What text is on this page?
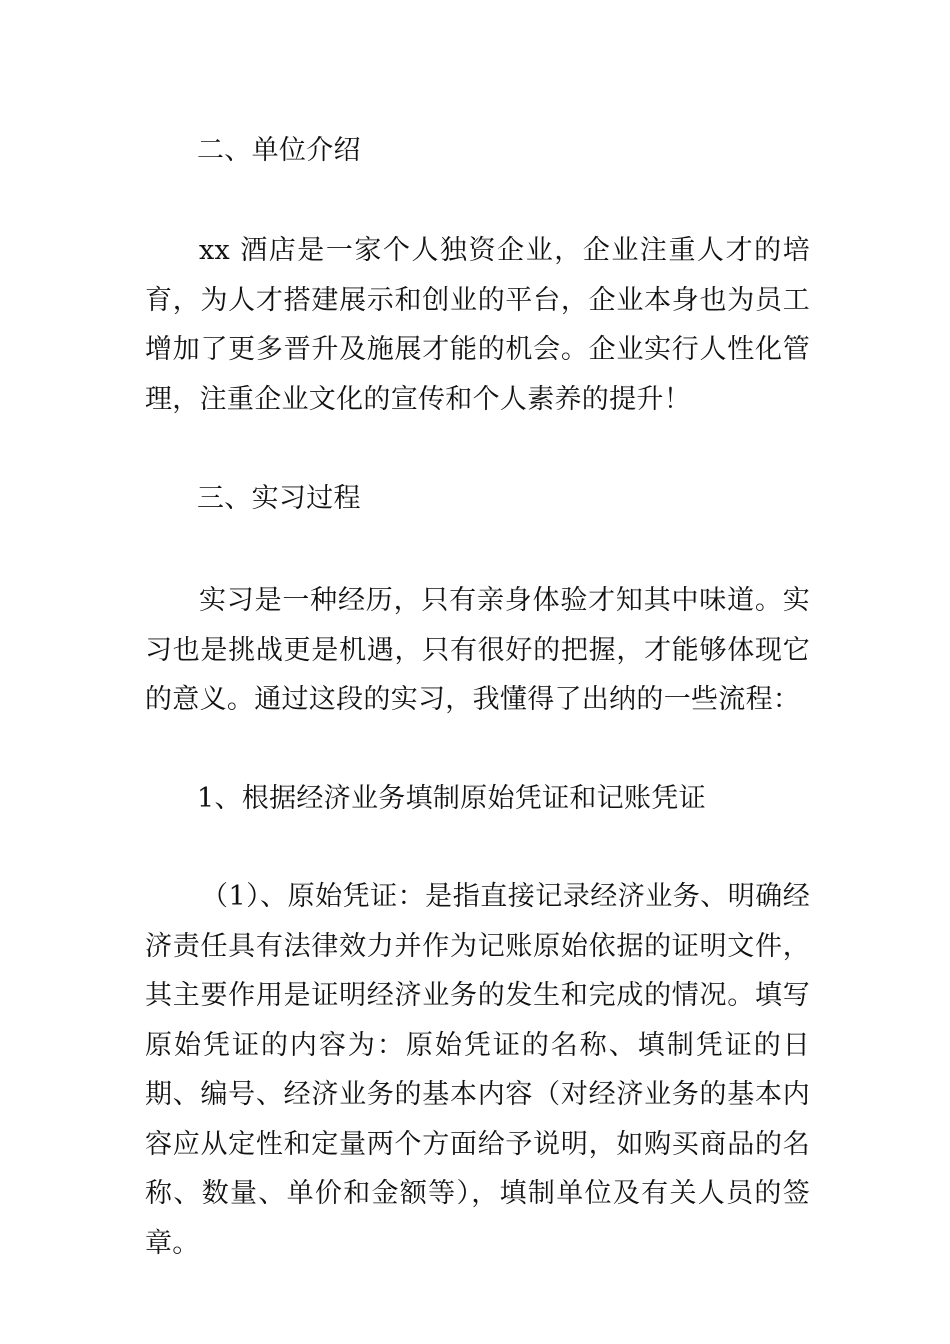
二、单位介绍

xx 酒店是一家个人独资企业，企业注重人才的培育，为人才搭建展示和创业的平台，企业本身也为员工增加了更多晋升及施展才能的机会。企业实行人性化管理，注重企业文化的宣传和个人素养的提升！

三、实习过程

实习是一种经历，只有亲身体验才知其中味道。实习也是挑战更是机遇，只有很好的把握，才能够体现它的意义。通过这段的实习，我懂得了出纳的一些流程：

1、根据经济业务填制原始凭证和记账凭证

（1）、原始凭证：是指直接记录经济业务、明确经济责任具有法律效力并作为记账原始依据的证明文件，其主要作用是证明经济业务的发生和完成的情况。填写原始凭证的内容为：原始凭证的名称、填制凭证的日期、编号、经济业务的基本内容（对经济业务的基本内容应从定性和定量两个方面给予说明，如购买商品的名称、数量、单价和金额等），填制单位及有关人员的签章。
